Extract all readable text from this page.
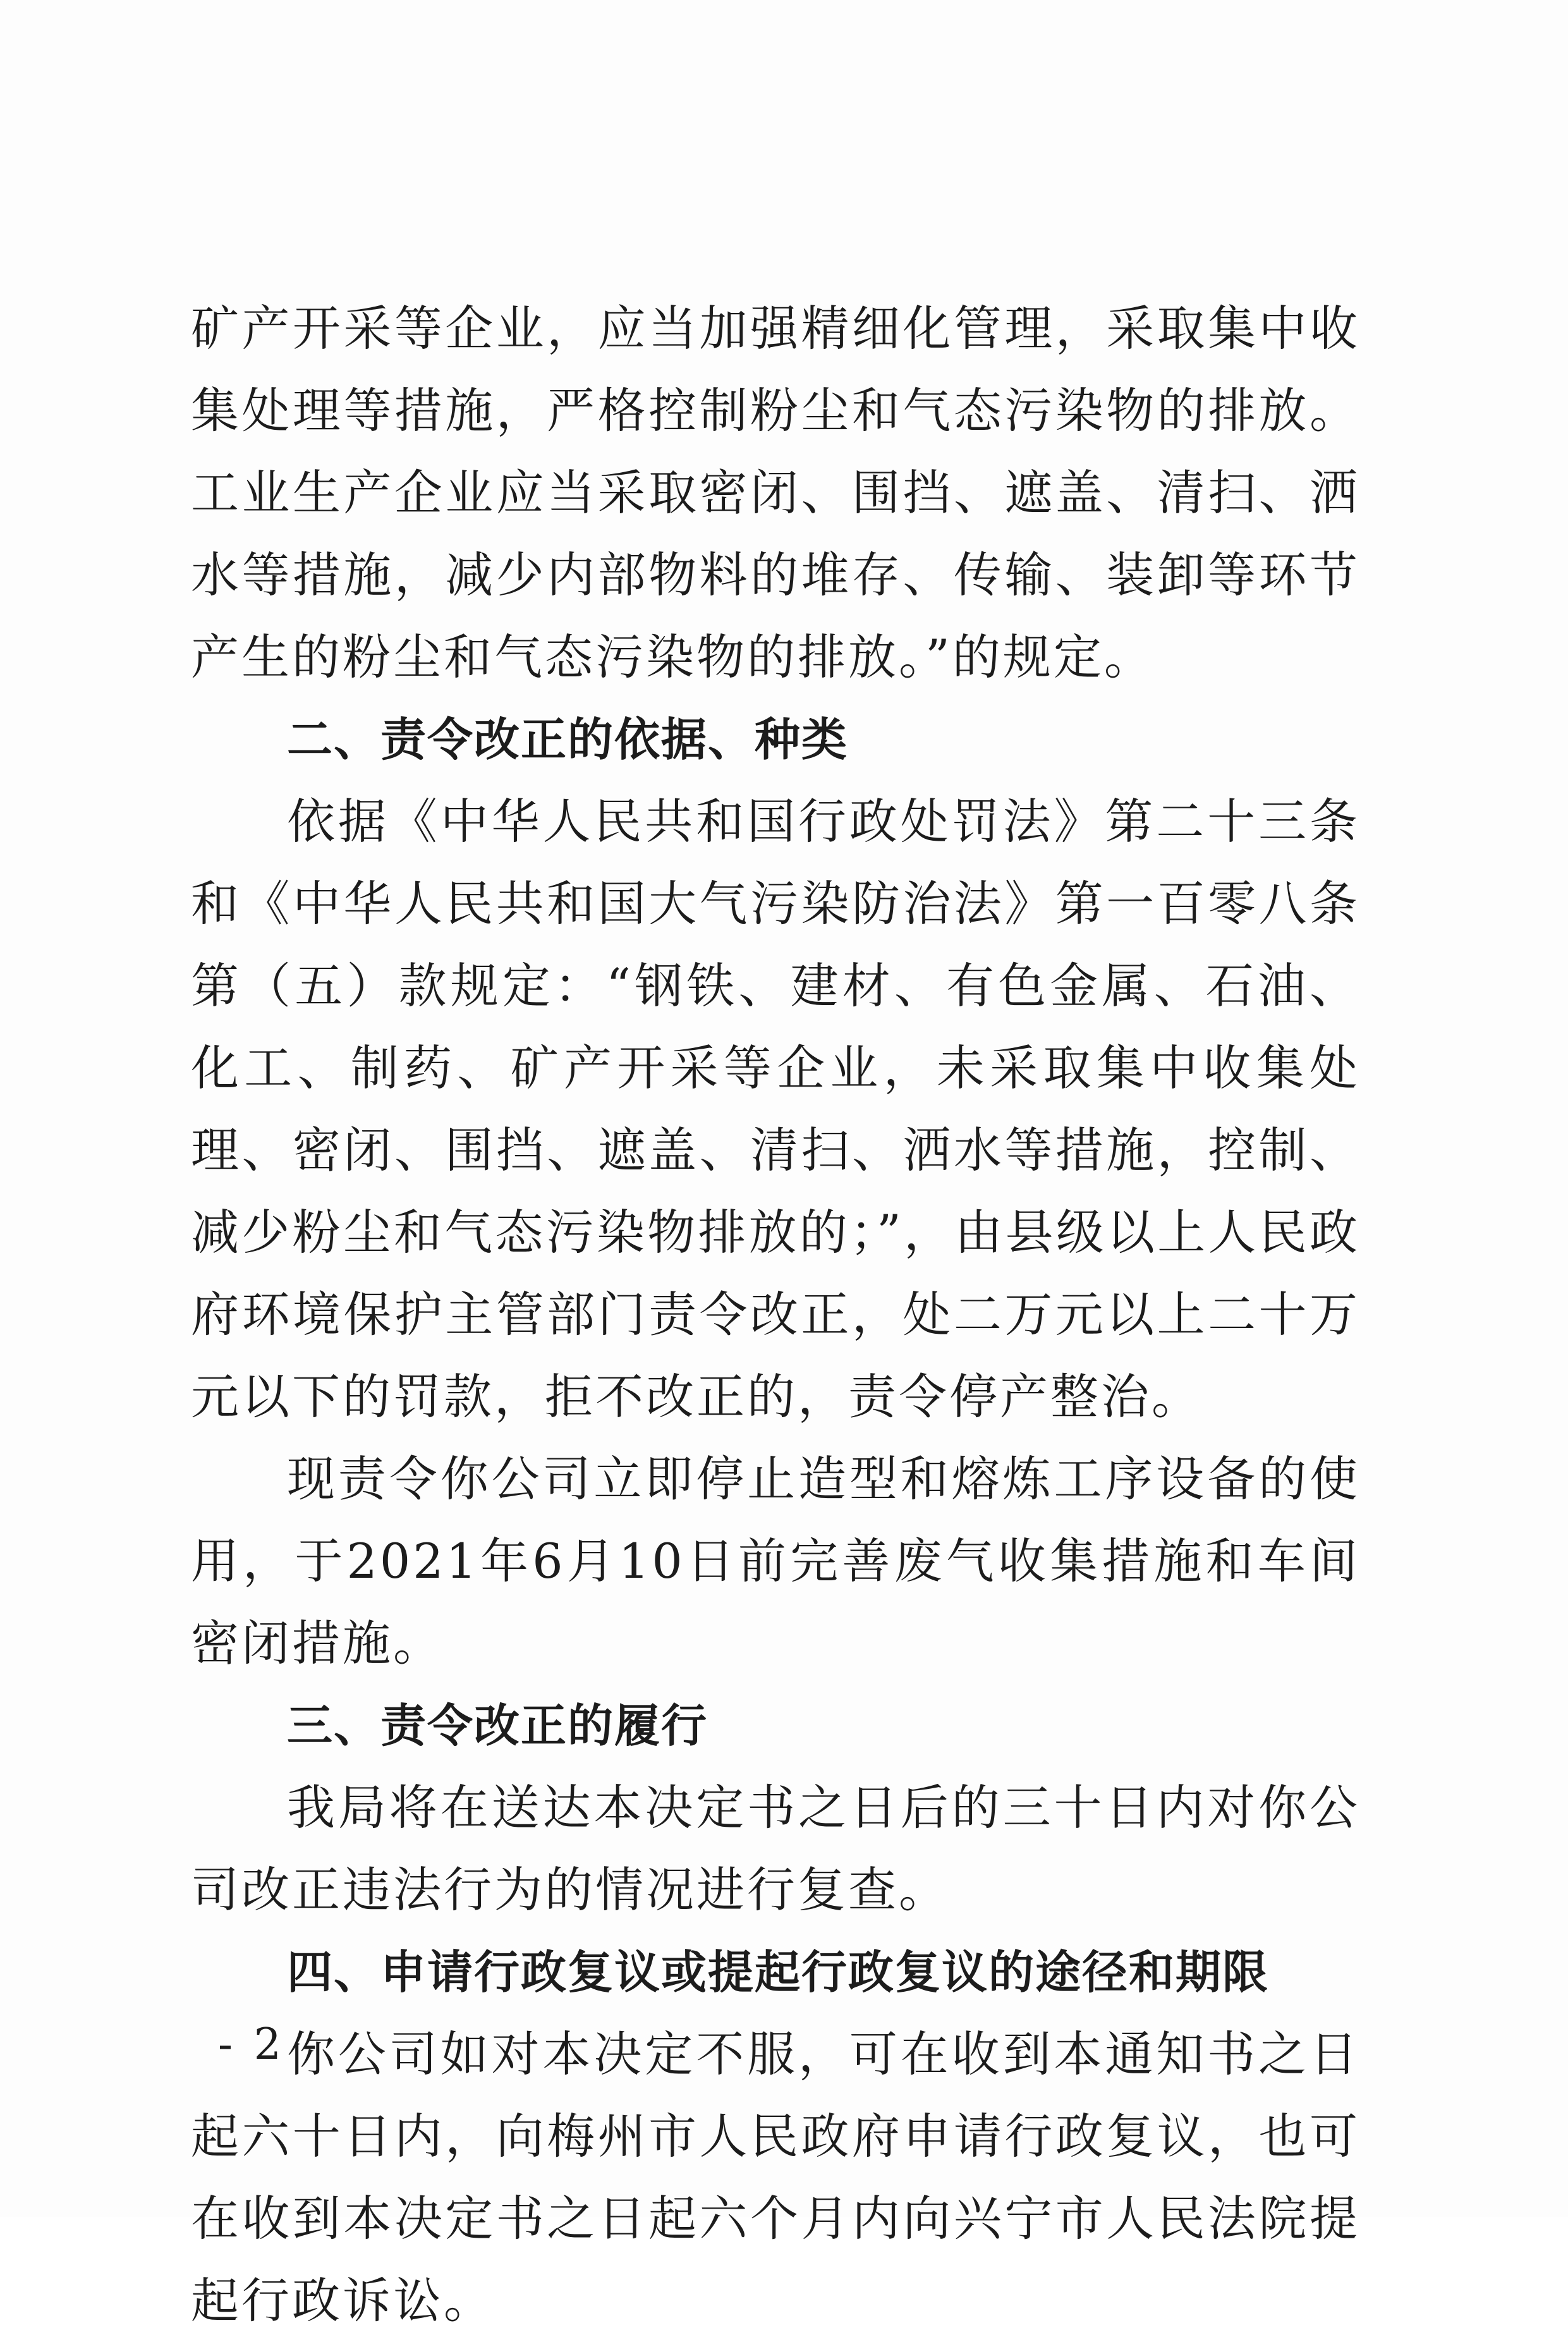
矿产开采等企业，应当加强精细化管理，采取集中收集处理等措施，严格控制粉尘和气态污染物的排放。工业生产企业应当采取密闭、围挡、遮盖、清扫、洒水等措施，减少内部物料的堆存、传输、装卸等环节产生的粉尘和气态污染物的排放。”的规定。

二、责令改正的依据、种类

依据《中华人民共和国行政处罚法》第二十三条和《中华人民共和国大气污染防治法》第一百零八条第（五）款规定：“钢铁、建材、有色金属、石油、化工、制药、矿产开采等企业，未采取集中收集处理、密闭、围挡、遮盖、清扫、洒水等措施，控制、减少粉尘和气态污染物排放的；”，由县级以上人民政府环境保护主管部门责令改正，处二万元以上二十万元以下的罚款，拒不改正的，责令停产整治。

现责令你公司立即停止造型和熔炼工序设备的使用，于2021年6月10日前完善废气收集措施和车间密闭措施。

三、责令改正的履行

我局将在送达本决定书之日后的三十日内对你公司改正违法行为的情况进行复查。

四、申请行政复议或提起行政复议的途径和期限

你公司如对本决定不服，可在收到本通知书之日起六十日内，向梅州市人民政府申请行政复议，也可在收到本决定书之日起六个月内向兴宁市人民法院提起行政诉讼。

- 2 -
